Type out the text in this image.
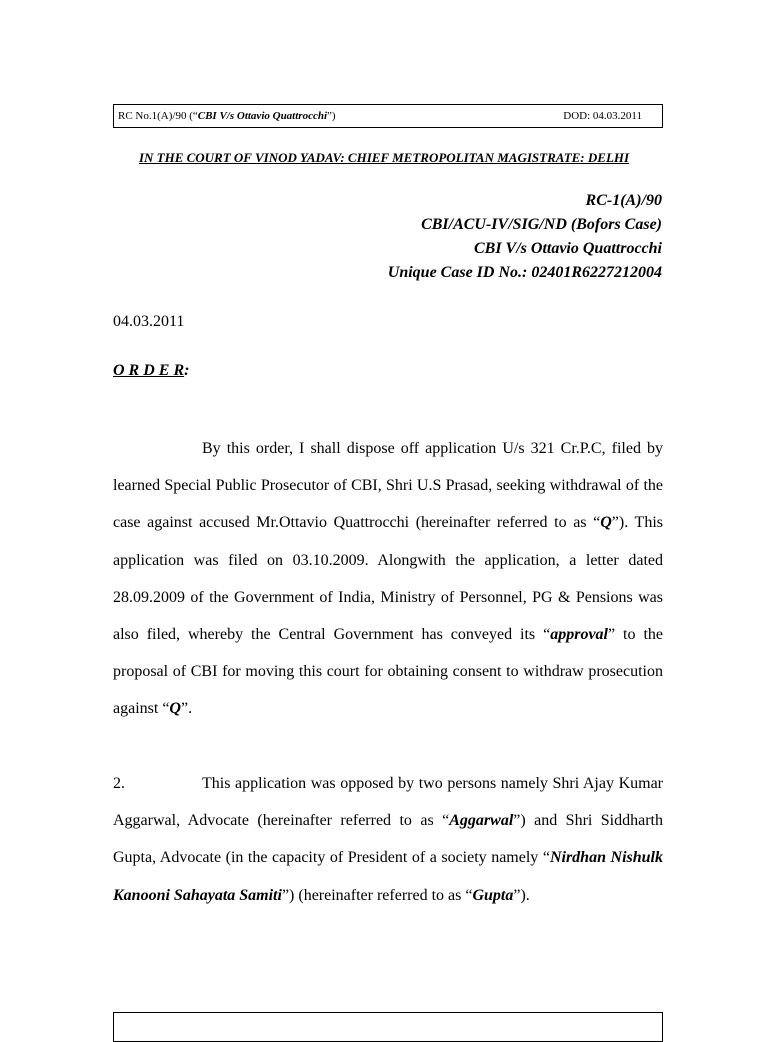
RC No.1(A)/90 (“CBI V/s Ottavio Quattrocchi”)	DOD: 04.03.2011
IN THE COURT OF VINOD YADAV: CHIEF METROPOLITAN MAGISTRATE: DELHI
RC-1(A)/90
CBI/ACU-IV/SIG/ND (Bofors Case)
CBI V/s Ottavio Quattrocchi
Unique Case ID No.: 02401R6227212004
04.03.2011
O R D E R:

By this order, I shall dispose off application U/s 321 Cr.P.C, filed by learned Special Public Prosecutor of CBI, Shri U.S Prasad, seeking withdrawal of the case against accused Mr.Ottavio Quattrocchi (hereinafter referred to as “Q”). This application was filed on 03.10.2009. Alongwith the application, a letter dated 28.09.2009 of the Government of India, Ministry of Personnel, PG & Pensions was also filed, whereby the Central Government has conveyed its “approval” to the proposal of CBI for moving this court for obtaining consent to withdraw prosecution against “Q”.

2.	This application was opposed by two persons namely Shri Ajay Kumar Aggarwal, Advocate (hereinafter referred to as “Aggarwal”) and Shri Siddharth Gupta, Advocate (in the capacity of President of a society namely “Nirdhan Nishulk Kanooni Sahayata Samiti”) (hereinafter referred to as “Gupta”).
